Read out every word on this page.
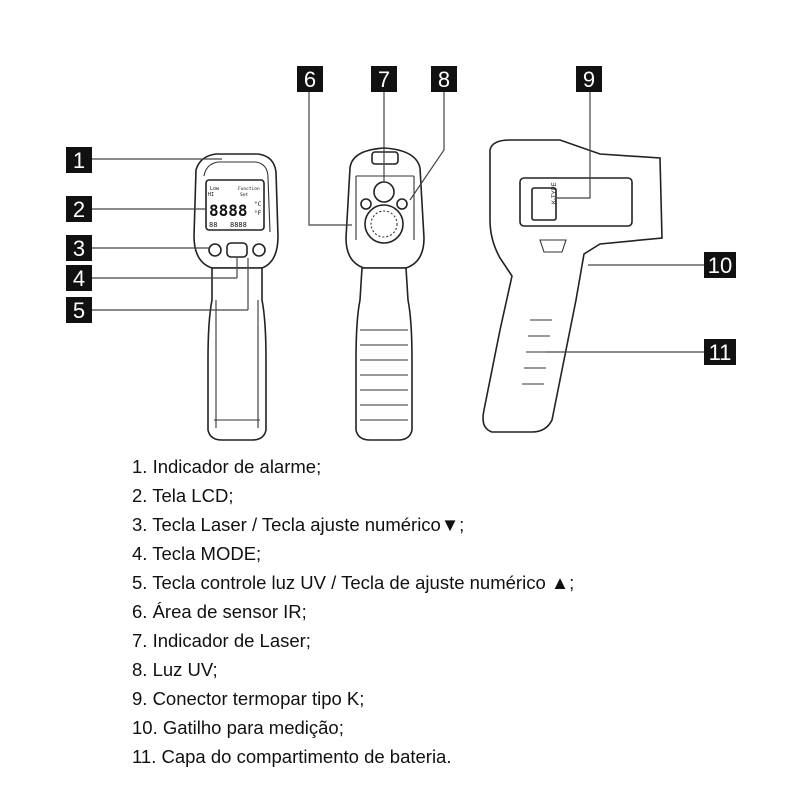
Low
HI
Function
Set
8888 °C
°F
88 8888
K-TYPE
1
2
3
4
5
6	7 8	9
10
11
1. Indicador de alarme;
2. Tela LCD;
3. Tecla Laser / Tecla ajuste numérico▼;
4. Tecla MODE;
5. Tecla controle luz UV / Tecla de ajuste numérico ▲;
6. Área de sensor IR;
7. Indicador de Laser;
8. Luz UV;
9. Conector termopar tipo K;
10. Gatilho para medição;
11. Capa do compartimento de bateria.
